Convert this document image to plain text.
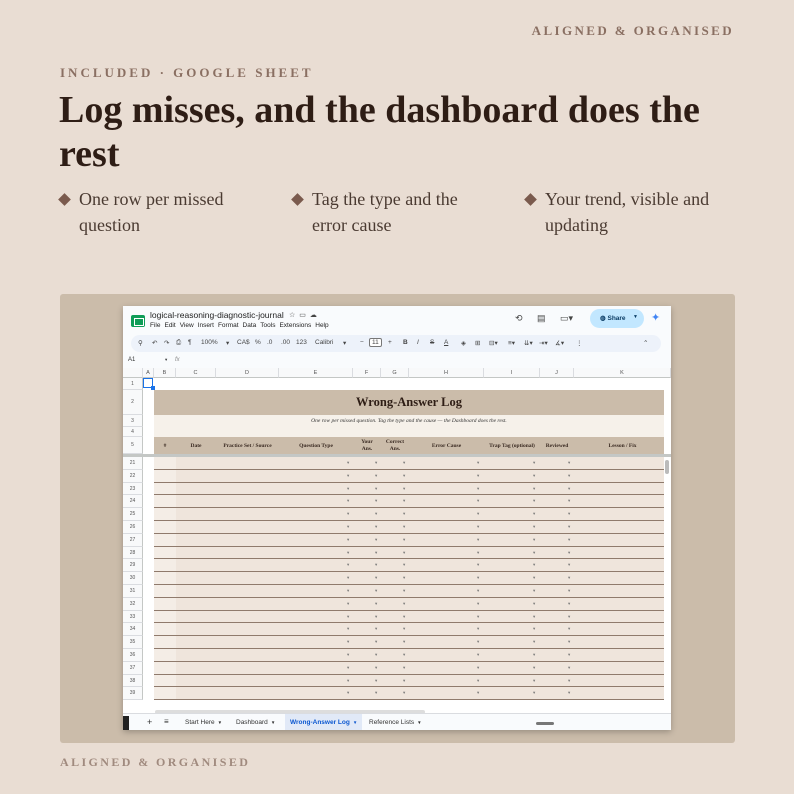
ALIGNED & ORGANISED
INCLUDED · GOOGLE SHEET
Log misses, and the dashboard does the rest
One row per missed question
Tag the type and the error cause
Your trend, visible and updating
logical-reasoning-diagnostic-journal ☆▭☁
File Edit View Insert Format Data Tools Extensions Help
⟲ ▤ ▭▾	◍ Share ▼ ✦
⚲ ↶ ↷ ⎙ ¶ 100% ▾ CA$ % .0 .00 123 Calibri ▾ −	11	+ B I S A ◈ ⊞ ⊟▾ ≡▾ ⇊▾ ⇥▾ ∡▾ ⋮	⌃
A1	▾ fx
A	B	C	D	E	F	G	H	I	J	K
1
2
3
4
5
Wrong-Answer Log
One row per missed question. Tag the type and the cause — the Dashboard does the rest.
#	Date	Practice Set / Source	Question Type
Your Ans.
Correct Ans.	Error Cause	Trap Tag (optional)	Reviewed	Lesson / Fix
21	▾	▾	▾	▾	▾	▾
22	▾	▾	▾	▾	▾	▾
23	▾	▾	▾	▾	▾	▾
24	▾	▾	▾	▾	▾	▾
25	▾	▾	▾	▾	▾	▾
26	▾	▾	▾	▾	▾	▾
27	▾	▾	▾	▾	▾	▾
28	▾	▾	▾	▾	▾	▾
29	▾	▾	▾	▾	▾	▾
30	▾	▾	▾	▾	▾	▾
31	▾	▾	▾	▾	▾	▾
32	▾	▾	▾	▾	▾	▾
33	▾	▾	▾	▾	▾	▾
34	▾	▾	▾	▾	▾	▾
35	▾	▾	▾	▾	▾	▾
36	▾	▾	▾	▾	▾	▾
37	▾	▾	▾	▾	▾	▾
38	▾	▾	▾	▾	▾	▾
39	▾	▾	▾	▾	▾	▾
+ ≡	Start Here ▼	Dashboard ▼	Wrong-Answer Log ▼	Reference Lists ▼
ALIGNED & ORGANISED
